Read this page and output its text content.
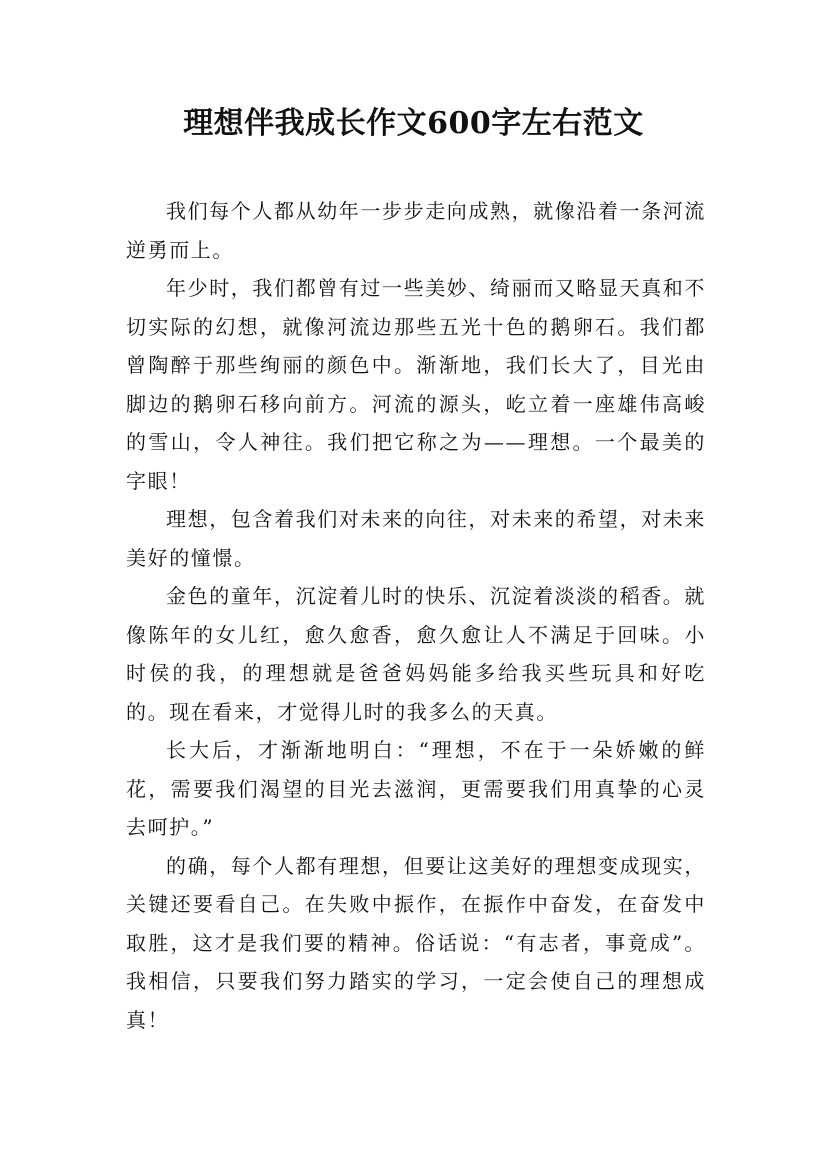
理想伴我成长作文600字左右范文

我们每个人都从幼年一步步走向成熟，就像沿着一条河流逆勇而上。

年少时，我们都曾有过一些美妙、绮丽而又略显天真和不切实际的幻想，就像河流边那些五光十色的鹅卵石。我们都曾陶醉于那些绚丽的颜色中。渐渐地，我们长大了，目光由脚边的鹅卵石移向前方。河流的源头，屹立着一座雄伟高峻的雪山，令人神往。我们把它称之为——理想。一个最美的字眼！

理想，包含着我们对未来的向往，对未来的希望，对未来美好的憧憬。

金色的童年，沉淀着儿时的快乐、沉淀着淡淡的稻香。就像陈年的女儿红，愈久愈香，愈久愈让人不满足于回味。小时侯的我，的理想就是爸爸妈妈能多给我买些玩具和好吃的。现在看来，才觉得儿时的我多么的天真。

长大后，才渐渐地明白：“理想，不在于一朵娇嫩的鲜花，需要我们渴望的目光去滋润，更需要我们用真挚的心灵去呵护。”

的确，每个人都有理想，但要让这美好的理想变成现实，关键还要看自己。在失败中振作，在振作中奋发，在奋发中取胜，这才是我们要的精神。俗话说：“有志者，事竟成”。我相信，只要我们努力踏实的学习，一定会使自己的理想成真！
